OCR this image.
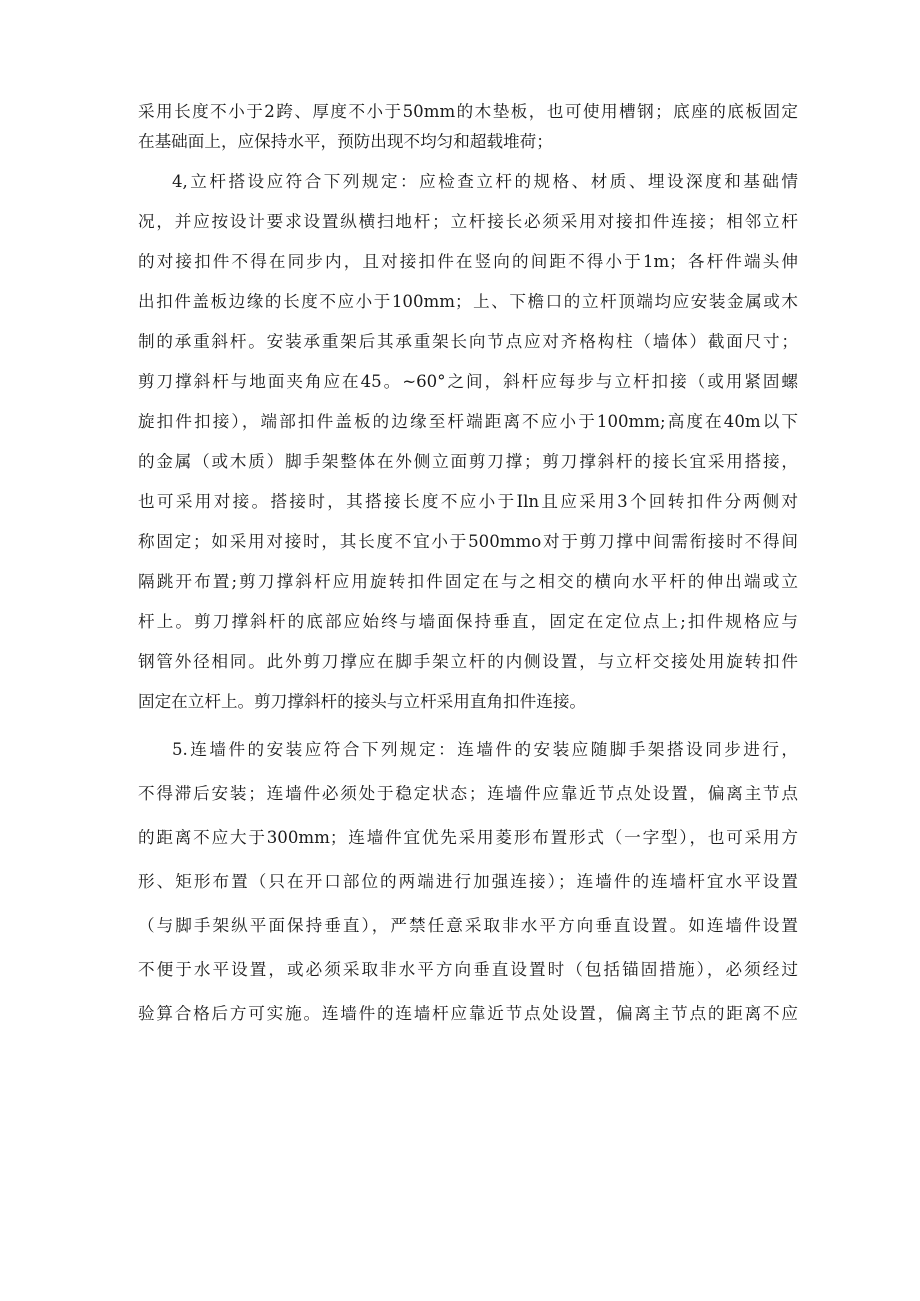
采用长度不小于2跨、厚度不小于50mm的木垫板，也可使用槽钢；底座的底板固定
在基础面上，应保持水平，预防出现不均匀和超载堆荷；
4,立杆搭设应符合下列规定：应检查立杆的规格、材质、埋设深度和基础情
况，并应按设计要求设置纵横扫地杆；立杆接长必须采用对接扣件连接；相邻立杆
的对接扣件不得在同步内，且对接扣件在竖向的间距不得小于1m；各杆件端头伸
出扣件盖板边缘的长度不应小于100mm；上、下檐口的立杆顶端均应安装金属或木
制的承重斜杆。安装承重架后其承重架长向节点应对齐格构柱（墙体）截面尺寸；
剪刀撑斜杆与地面夹角应在45。~60°之间，斜杆应每步与立杆扣接（或用紧固螺
旋扣件扣接），端部扣件盖板的边缘至杆端距离不应小于100mm;高度在40m以下
的金属（或木质）脚手架整体在外侧立面剪刀撑；剪刀撑斜杆的接长宜采用搭接，
也可采用对接。搭接时，其搭接长度不应小于Iln且应采用3个回转扣件分两侧对
称固定；如采用对接时，其长度不宜小于500mmo对于剪刀撑中间需衔接时不得间
隔跳开布置;剪刀撑斜杆应用旋转扣件固定在与之相交的横向水平杆的伸出端或立
杆上。剪刀撑斜杆的底部应始终与墙面保持垂直，固定在定位点上;扣件规格应与
钢管外径相同。此外剪刀撑应在脚手架立杆的内侧设置，与立杆交接处用旋转扣件
固定在立杆上。剪刀撑斜杆的接头与立杆采用直角扣件连接。
5.连墙件的安装应符合下列规定：连墙件的安装应随脚手架搭设同步进行，
不得滞后安装；连墙件必须处于稳定状态；连墙件应靠近节点处设置，偏离主节点
的距离不应大于300mm；连墙件宜优先采用菱形布置形式（一字型），也可采用方
形、矩形布置（只在开口部位的两端进行加强连接）；连墙件的连墙杆宜水平设置
（与脚手架纵平面保持垂直），严禁任意采取非水平方向垂直设置。如连墙件设置
不便于水平设置，或必须采取非水平方向垂直设置时（包括锚固措施），必须经过
验算合格后方可实施。连墙件的连墙杆应靠近节点处设置，偏离主节点的距离不应
